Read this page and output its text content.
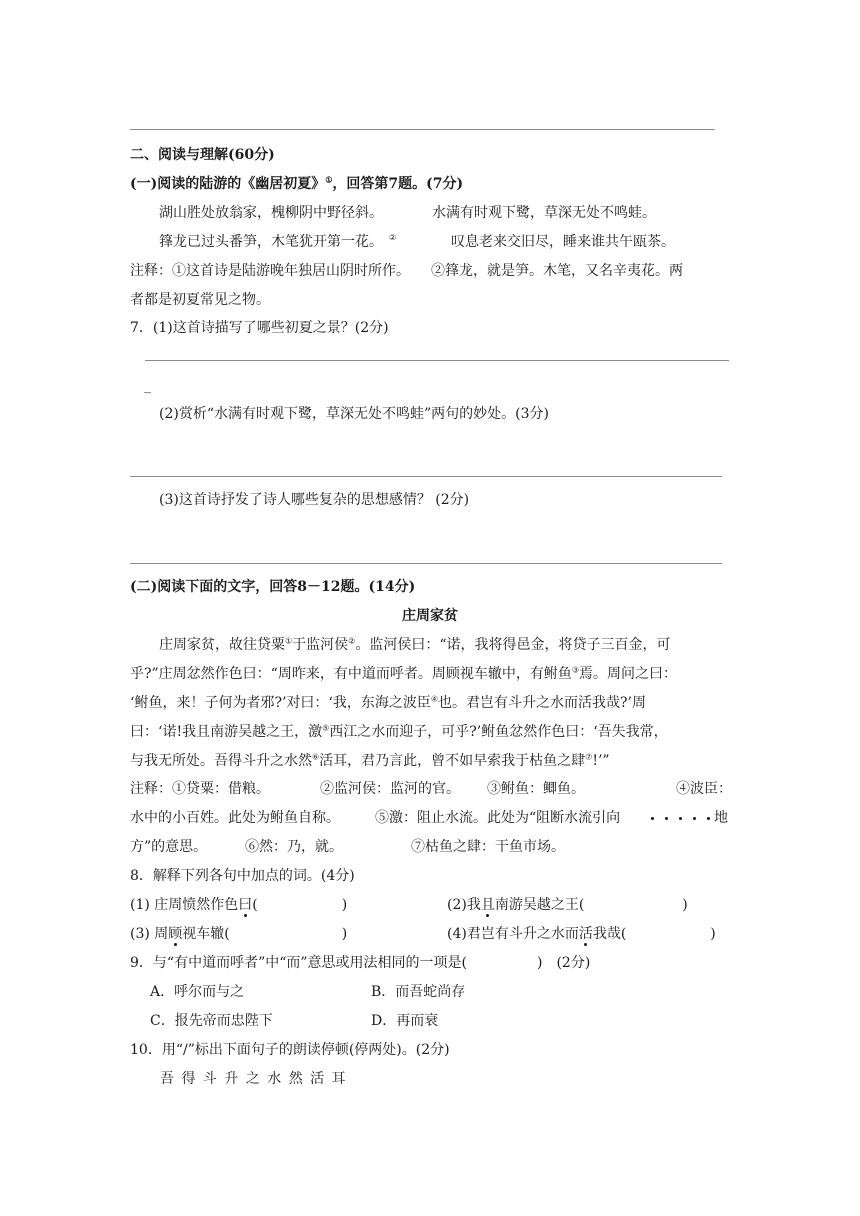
二、阅读与理解(60分)
(一)阅读的陆游的《幽居初夏》①，回答第7题。(7分)
湖山胜处放翁家，槐柳阴中野径斜。	水满有时观下鹭，草深无处不鸣蛙。
箨龙已过头番笋，木笔犹开第一花。 ②	叹息老来交旧尽，睡来谁共午瓯茶。
注释：①这首诗是陆游晚年独居山阴时所作。　　②箨龙，就是笋。木笔，又名辛夷花。两
者都是初夏常见之物。
7．(1)这首诗描写了哪些初夏之景？(2分)
_
(2)赏析“水满有时观下鹭，草深无处不鸣蛙”两句的妙处。(3分)
(3)这首诗抒发了诗人哪些复杂的思想感情？ (2分)
(二)阅读下面的文字，回答8－12题。(14分)
庄周家贫
庄周家贫，故往贷粟①于监河侯②。监河侯曰：“诺，我将得邑金，将贷子三百金，可
乎?”庄周忿然作色曰：“周昨来，有中道而呼者。周顾视车辙中，有鲋鱼③焉。周问之曰：
‘鲋鱼，来！子何为者邪?’对曰：‘我，东海之波臣④也。君岂有斗升之水而活我哉?’周
曰：‘诺!我且南游吴越之王，激⑤西江之水而迎子，可乎?’鲋鱼忿然作色曰：‘吾失我常，
与我无所处。吾得斗升之水然⑥活耳，君乃言此，曾不如早索我于枯鱼之肆⑦!’”
注释：①贷粟：借粮。	②监河侯：监河的官。 ③鲋鱼：鲫鱼。	④波臣：
水中的小百姓。此处为鲋鱼自称。	⑤激：阻止水流。此处为“阻断水流引向	地
方”的意思。	⑥然：乃，就。	⑦枯鱼之肆：干鱼市场。
8．解释下列各句中加点的词。(4分)
(1) 庄周愤然作色曰(　　　　　　)	(2)我且南游吴越之王(　　　　　　　)
(3) 周顾视车辙(　　　　　　　　)	(4)君岂有斗升之水而活我哉(　　　　　　)
9．与“有中道而呼者”中“而”意思或用法相同的一项是(　　　　　)　(2分)
A．呼尔而与之	B．而吾蛇尚存
C．报先帝而忠陛下	D．再而衰
10．用“/”标出下面句子的朗读停顿(停两处)。(2分)
吾 得 斗 升 之 水 然 活 耳
